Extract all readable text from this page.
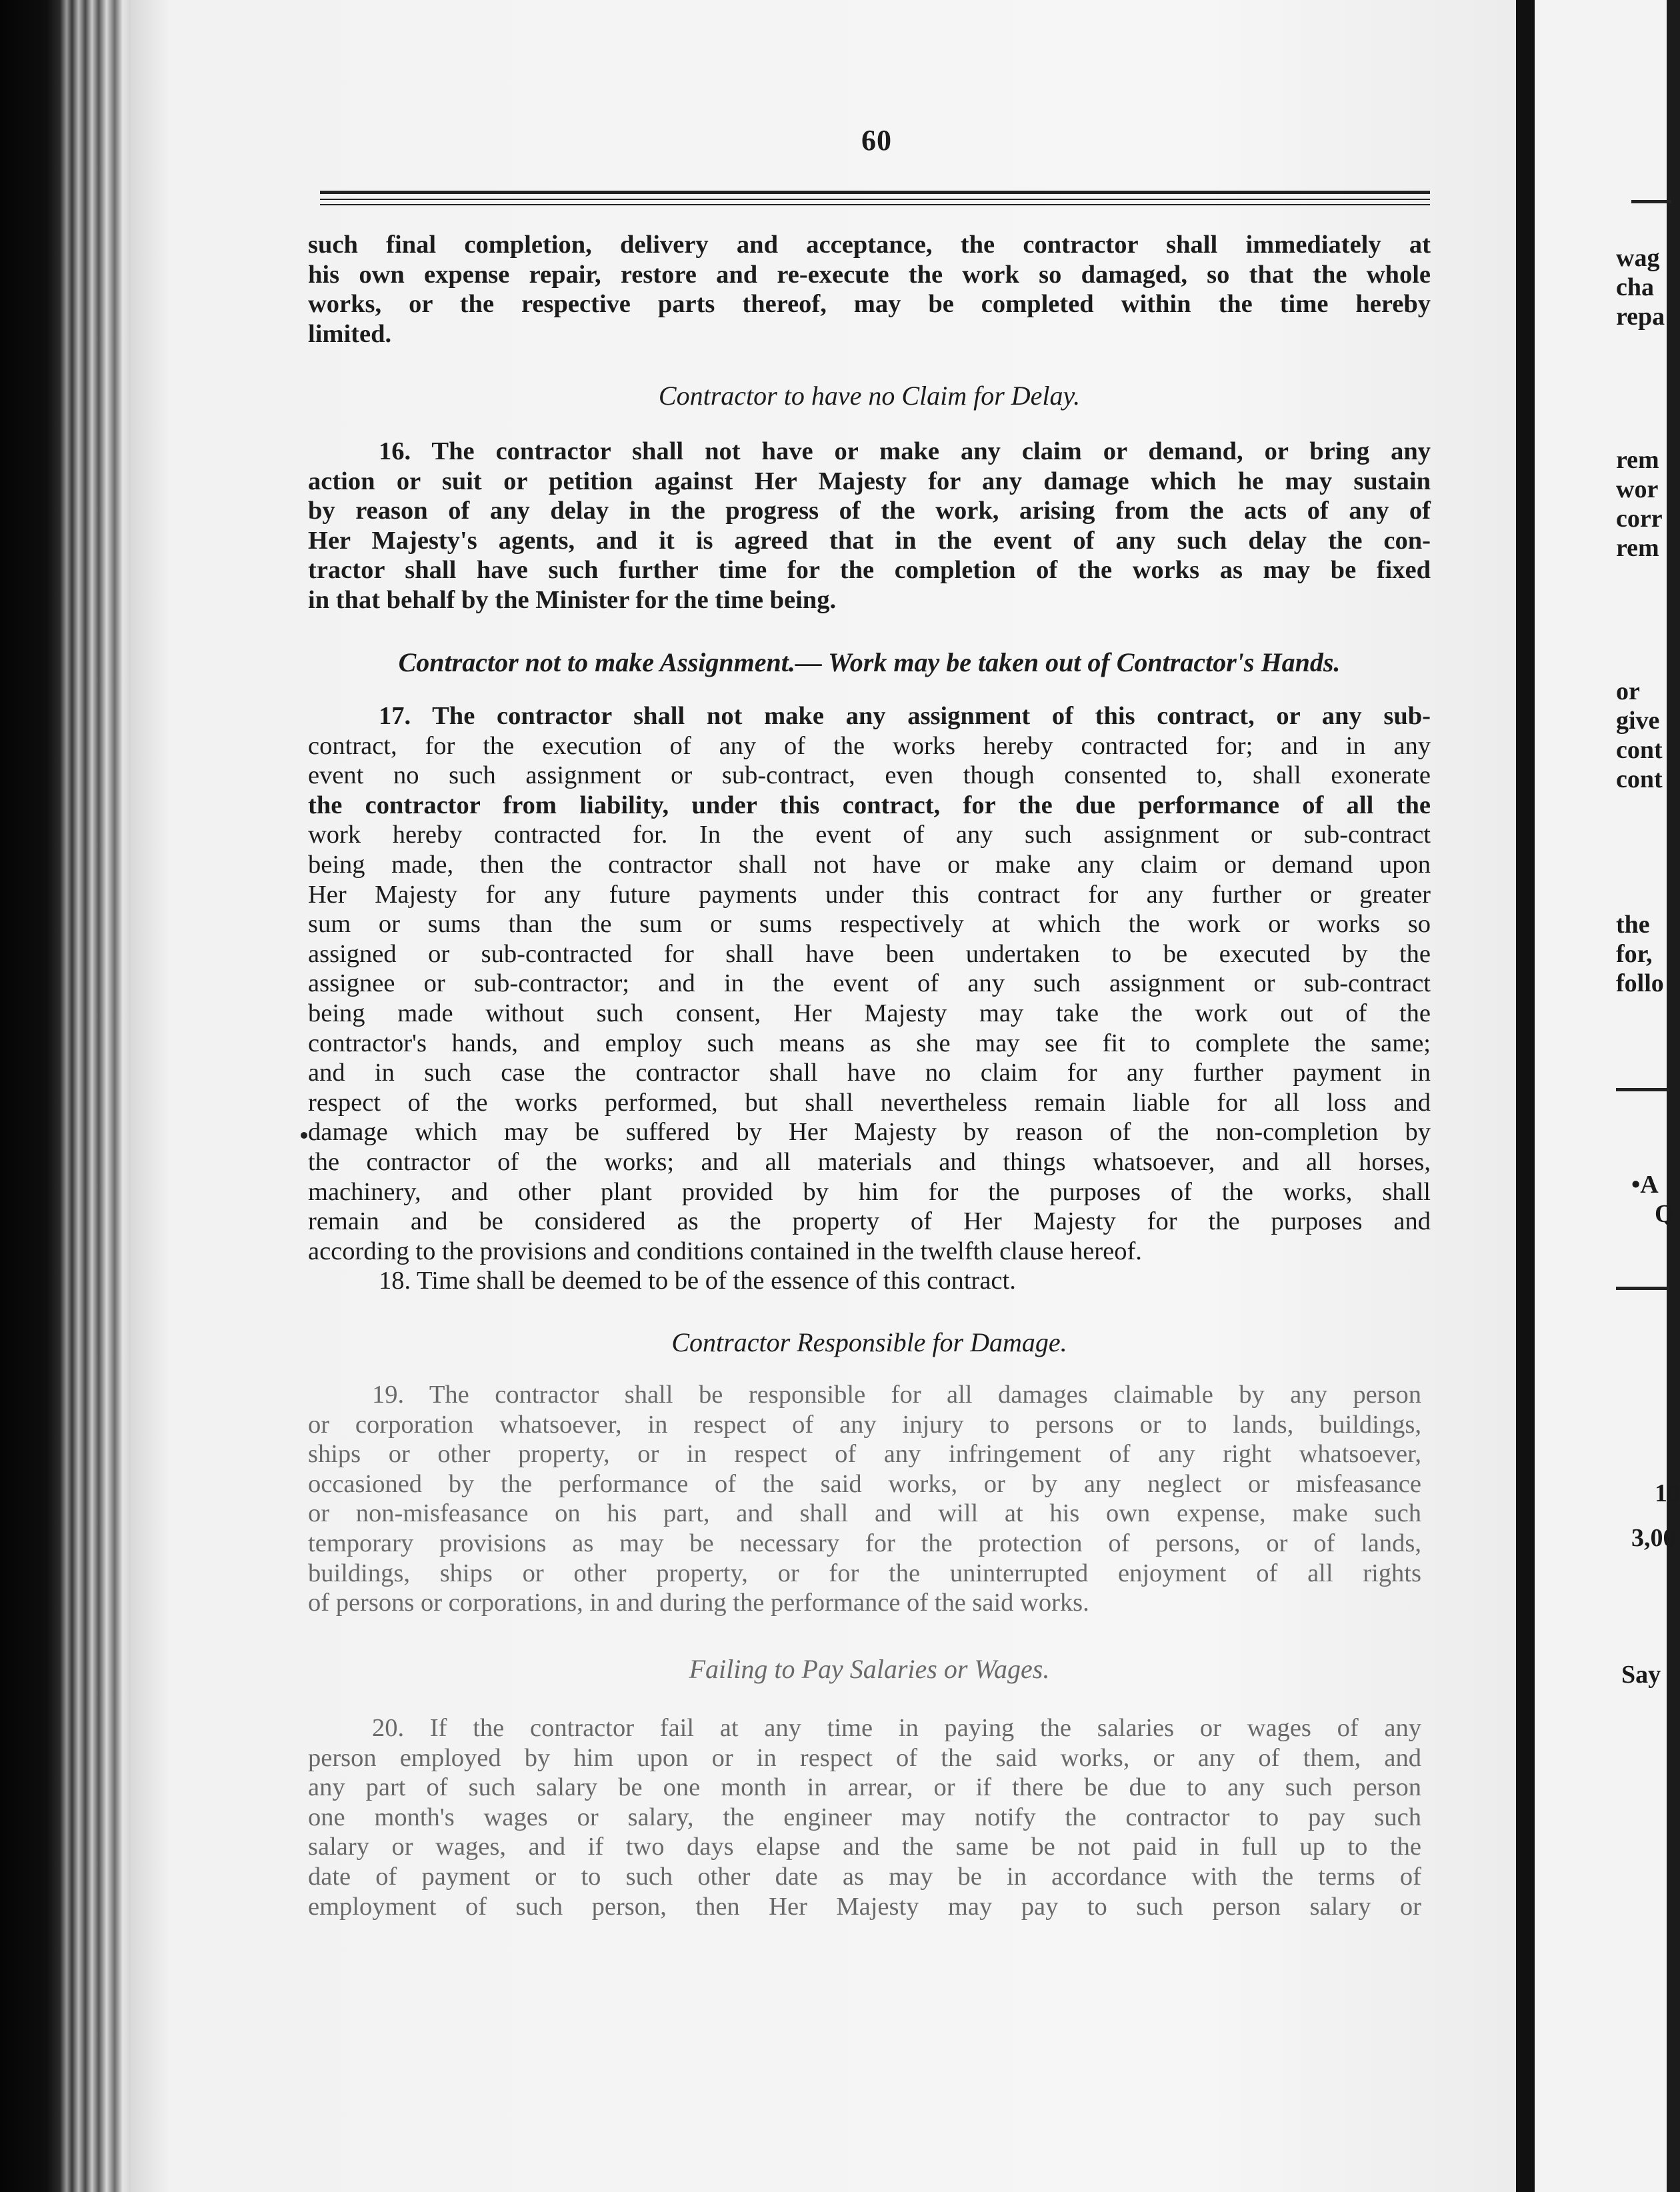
60
such final completion, delivery and acceptance, the contractor shall immediately at
his own expense repair, restore and re-execute the work so damaged, so that the whole
works, or the respective parts thereof, may be completed within the time hereby
limited.
Contractor to have no Claim for Delay.
16. The contractor shall not have or make any claim or demand, or bring any
action or suit or petition against Her Majesty for any damage which he may sustain
by reason of any delay in the progress of the work, arising from the acts of any of
Her Majesty's agents, and it is agreed that in the event of any such delay the con-
tractor shall have such further time for the completion of the works as may be fixed
in that behalf by the Minister for the time being.
Contractor not to make Assignment.— Work may be taken out of Contractor's Hands.
17. The contractor shall not make any assignment of this contract, or any sub-
contract, for the execution of any of the works hereby contracted for; and in any
event no such assignment or sub-contract, even though consented to, shall exonerate
the contractor from liability, under this contract, for the due performance of all the
work hereby contracted for. In the event of any such assignment or sub-contract
being made, then the contractor shall not have or make any claim or demand upon
Her Majesty for any future payments under this contract for any further or greater
sum or sums than the sum or sums respectively at which the work or works so
assigned or sub-contracted for shall have been undertaken to be executed by the
assignee or sub-contractor; and in the event of any such assignment or sub-contract
being made without such consent, Her Majesty may take the work out of the
contractor's hands, and employ such means as she may see fit to complete the same;
and in such case the contractor shall have no claim for any further payment in
respect of the works performed, but shall nevertheless remain liable for all loss and
damage which may be suffered by Her Majesty by reason of the non-completion by
the contractor of the works; and all materials and things whatsoever, and all horses,
machinery, and other plant provided by him for the purposes of the works, shall
remain and be considered as the property of Her Majesty for the purposes and
according to the provisions and conditions contained in the twelfth clause hereof.
18. Time shall be deemed to be of the essence of this contract.
Contractor Responsible for Damage.
19. The contractor shall be responsible for all damages claimable by any person
or corporation whatsoever, in respect of any injury to persons or to lands, buildings,
ships or other property, or in respect of any infringement of any right whatsoever,
occasioned by the performance of the said works, or by any neglect or misfeasance
or non-misfeasance on his part, and shall and will at his own expense, make such
temporary provisions as may be necessary for the protection of persons, or of lands,
buildings, ships or other property, or for the uninterrupted enjoyment of all rights
of persons or corporations, in and during the performance of the said works.
Failing to Pay Salaries or Wages.
20. If the contractor fail at any time in paying the salaries or wages of any
person employed by him upon or in respect of the said works, or any of them, and
any part of such salary be one month in arrear, or if there be due to any such person
one month's wages or salary, the engineer may notify the contractor to pay such
salary or wages, and if two days elapse and the same be not paid in full up to the
date of payment or to such other date as may be in accordance with the terms of
employment of such person, then Her Majesty may pay to such person salary or
wag
cha
repa
rem
wor
corr
rem
or
give
cont
cont
the
for,
follo
•A
Q
10
3,00
Say
